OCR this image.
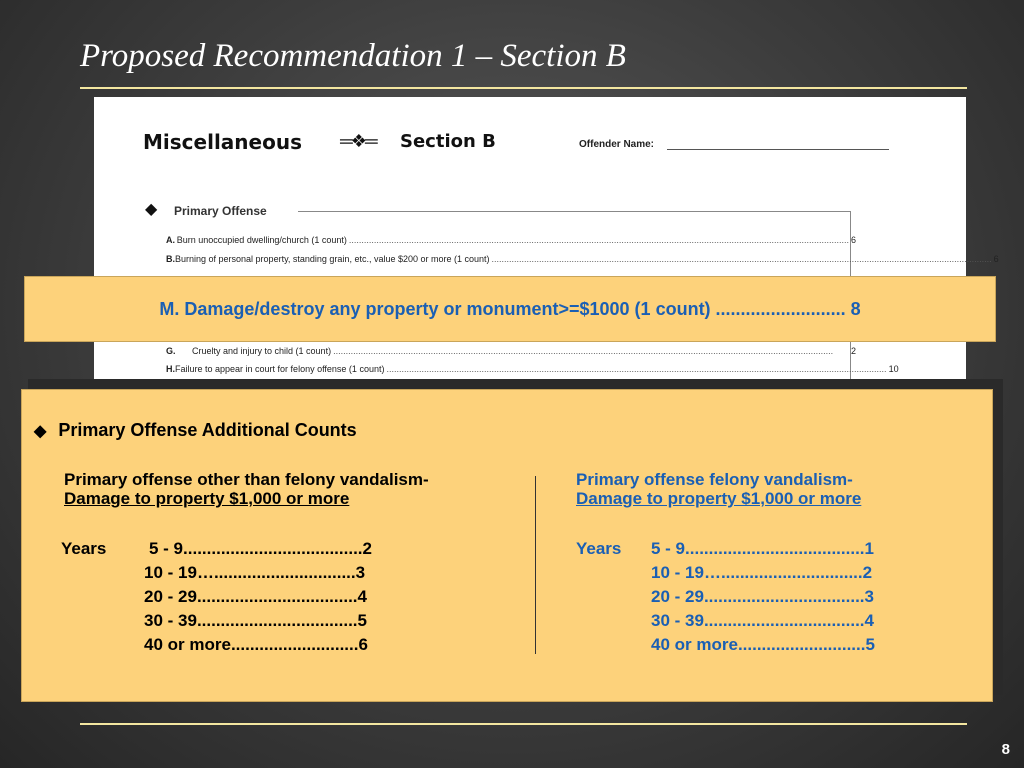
Proposed Recommendation 1 – Section B
Miscellaneous ═❖═ Section B	Offender Name:
◆ Primary Offense
A. Burn unoccupied dwelling/church (1 count) ........................................................................................................................................................................................................ 6
B. Burning of personal property, standing grain, etc., value $200 or more (1 count) ........................................................................................................................................................................................................ 6
G.	Cruelty and injury to child (1 count) ........................................................................................................................................................................................................	2
H. Failure to appear in court for felony offense (1 count) ........................................................................................................................................................................................................ 10
M. Damage/destroy any property or monument>=$1000 (1 count) .......................... 8
◆ Primary Offense Additional Counts
Primary offense other than felony vandalism-
Damage to property $1,000 or more
Years	5 - 9 ...................................... 2
10 - 19 ….............................. 3
20 - 29 .................................. 4
30 - 39 .................................. 5
40 or more ........................... 6
Primary offense felony vandalism-
Damage to property $1,000 or more
Years 5 - 9 ...................................... 1
10 - 19 ….............................. 2
20 - 29 .................................. 3
30 - 39 .................................. 4
40 or more ........................... 5
8
